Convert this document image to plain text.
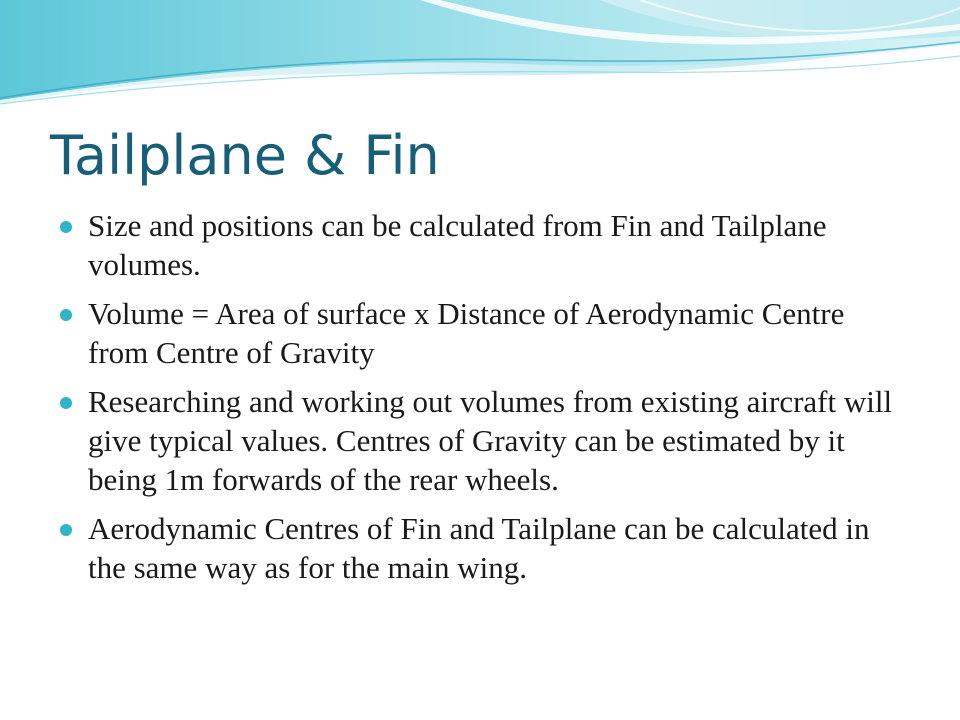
Tailplane & Fin
Size and positions can be calculated from Fin and Tailplane volumes.
Volume = Area of surface x Distance of Aerodynamic Centre from Centre of Gravity
Researching and working out volumes from existing aircraft will give typical values. Centres of Gravity can be estimated by it being 1m forwards of the rear wheels.
Aerodynamic Centres of Fin and Tailplane can be calculated in the same way as for the main wing.
